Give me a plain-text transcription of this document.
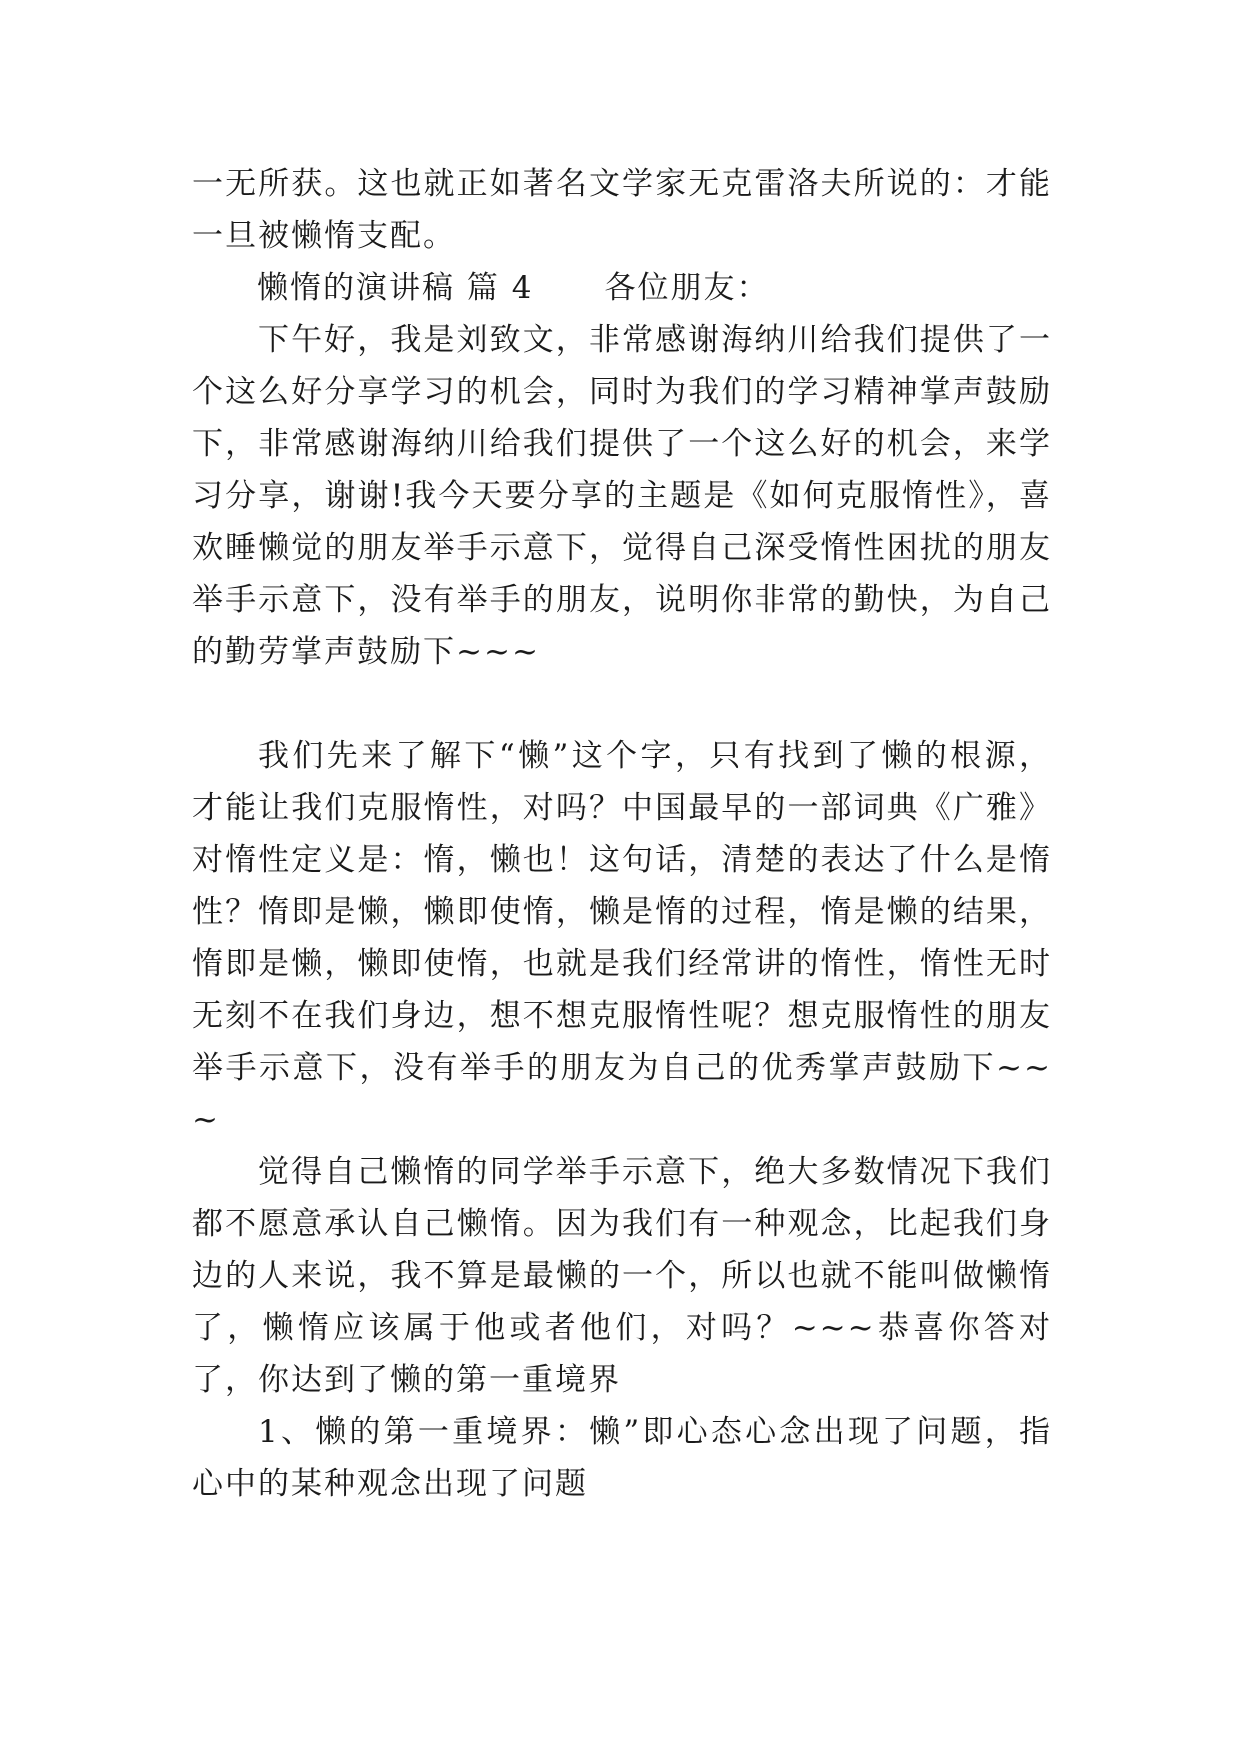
一无所获。这也就正如著名文学家无克雷洛夫所说的：才能一旦被懒惰支配。
懒惰的演讲稿 篇 4      各位朋友：
下午好，我是刘致文，非常感谢海纳川给我们提供了一个这么好分享学习的机会，同时为我们的学习精神掌声鼓励下，非常感谢海纳川给我们提供了一个这么好的机会，来学习分享，谢谢!我今天要分享的主题是《如何克服惰性》，喜欢睡懒觉的朋友举手示意下，觉得自己深受惰性困扰的朋友举手示意下，没有举手的朋友，说明你非常的勤快，为自己的勤劳掌声鼓励下~~~
我们先来了解下“懒”这个字，只有找到了懒的根源，才能让我们克服惰性，对吗？中国最早的一部词典《广雅》对惰性定义是：惰，懒也！这句话，清楚的表达了什么是惰性？惰即是懒，懒即使惰，懒是惰的过程，惰是懒的结果，惰即是懒，懒即使惰，也就是我们经常讲的惰性，惰性无时无刻不在我们身边，想不想克服惰性呢？想克服惰性的朋友举手示意下，没有举手的朋友为自己的优秀掌声鼓励下~~~
觉得自己懒惰的同学举手示意下，绝大多数情况下我们都不愿意承认自己懒惰。因为我们有一种观念，比起我们身边的人来说，我不算是最懒的一个，所以也就不能叫做懒惰了，懒惰应该属于他或者他们，对吗？~~~恭喜你答对了，你达到了懒的第一重境界
1、懒的第一重境界：懒”即心态心念出现了问题，指心中的某种观念出现了问题
